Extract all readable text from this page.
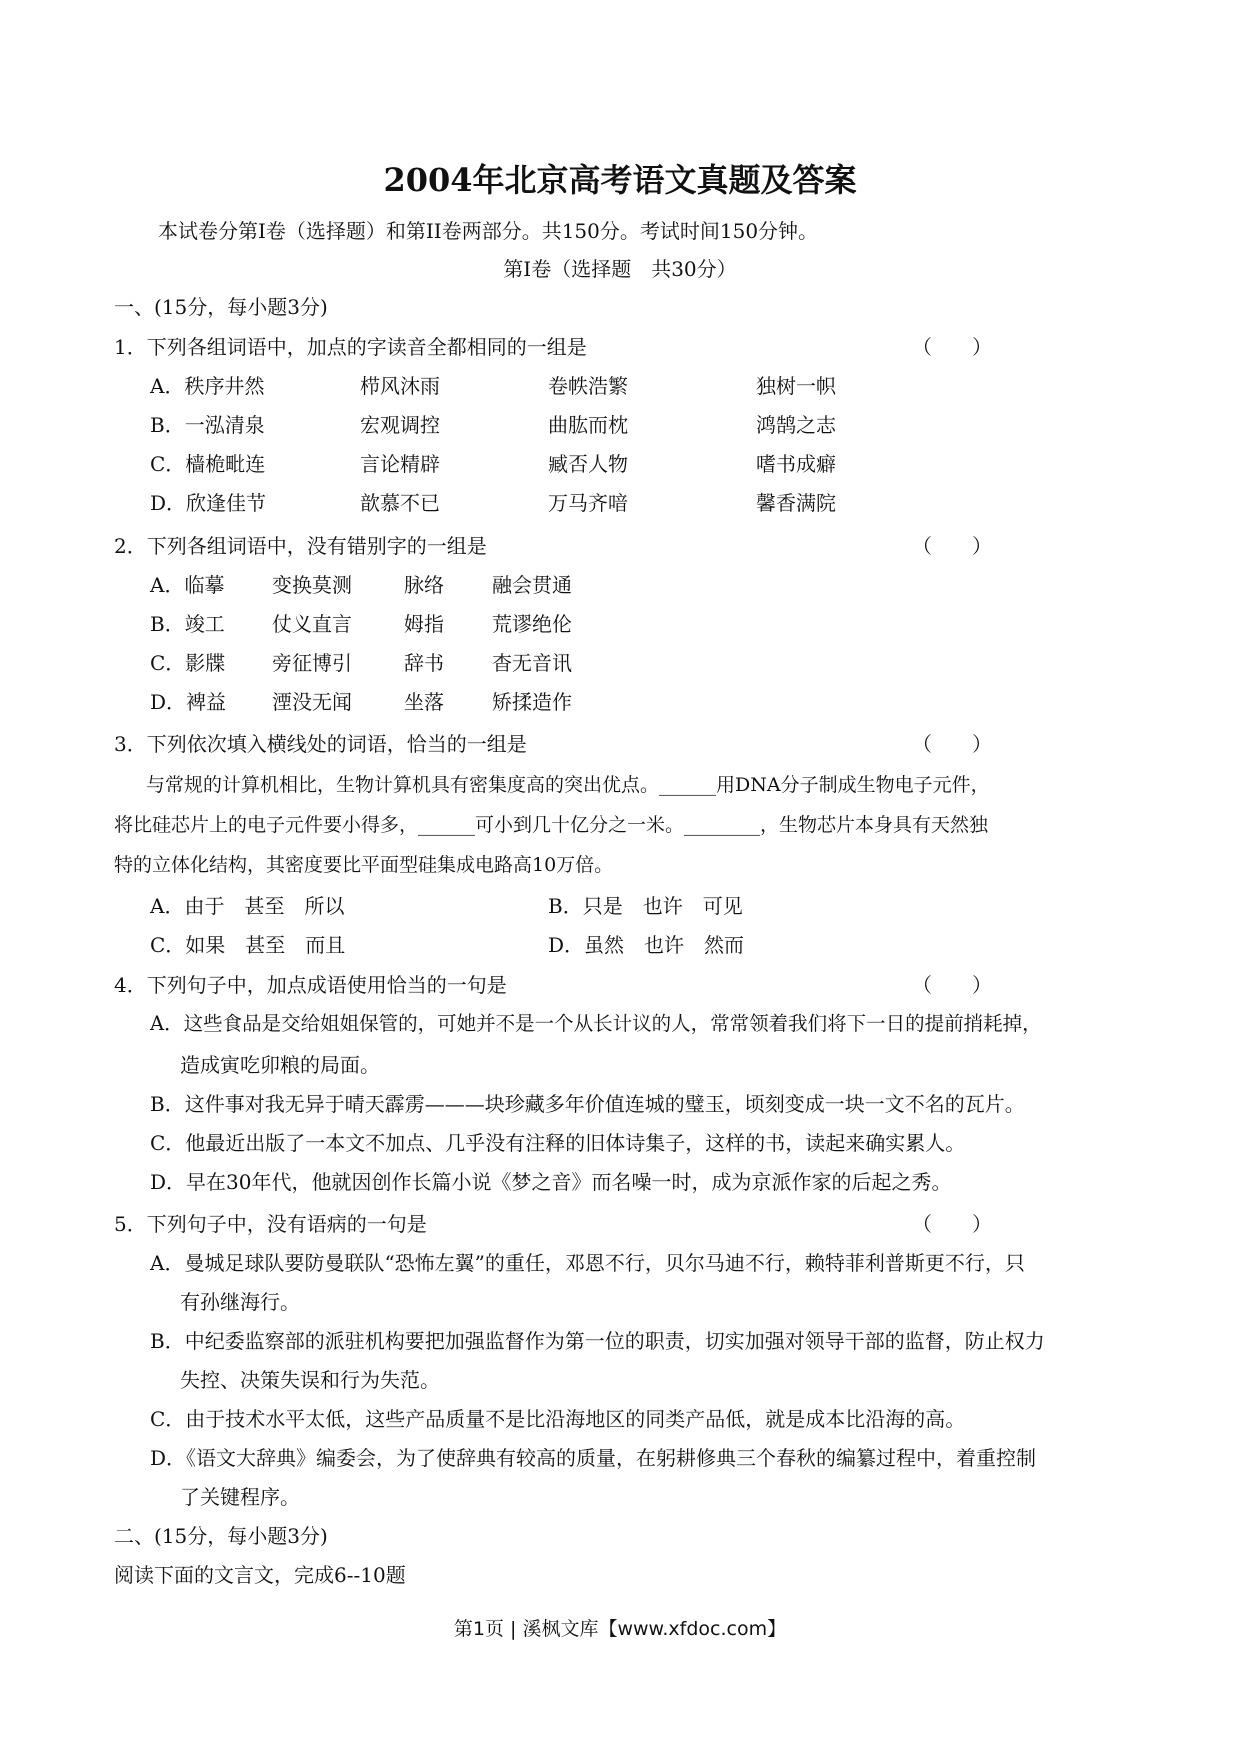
2004年北京高考语文真题及答案
本试卷分第I卷（选择题）和第II卷两部分。共150分。考试时间150分钟。
第I卷（选择题　共30分）
一、(15分，每小题3分)
1．下列各组词语中，加点的字读音全都相同的一组是	（　　）
A．秩序井然	栉风沐雨	卷帙浩繁	独树一帜
B．一泓清泉	宏观调控	曲肱而枕	鸿鹄之志
C．樯桅毗连	言论精辟	臧否人物	嗜书成癖
D．欣逢佳节	歆慕不已	万马齐喑	馨香满院
2．下列各组词语中，没有错别字的一组是	（　　）
A．临摹 变换莫测	脉络 融会贯通
B．竣工 仗义直言	姆指 荒谬绝伦
C．影牒 旁征博引	辞书 杳无音讯
D．裨益 湮没无闻	坐落 矫揉造作
3．下列依次填入横线处的词语，恰当的一组是	（　　）
与常规的计算机相比，生物计算机具有密集度高的突出优点。______用DNA分子制成生物电子元件，
将比硅芯片上的电子元件要小得多，______可小到几十亿分之一米。________，生物芯片本身具有天然独
特的立体化结构，其密度要比平面型硅集成电路高10万倍。
A．由于　甚至　所以	B．只是　也许　可见
C．如果　甚至　而且	D．虽然　也许　然而
4．下列句子中，加点成语使用恰当的一句是	（　　）
A．这些食品是交给姐姐保管的，可她并不是一个从长计议的人，常常领着我们将下一日的提前捎耗掉，
造成寅吃卯粮的局面。
B．这件事对我无异于晴天霹雳———块珍藏多年价值连城的璧玉，顷刻变成一块一文不名的瓦片。
C．他最近出版了一本文不加点、几乎没有注释的旧体诗集子，这样的书，读起来确实累人。
D．早在30年代，他就因创作长篇小说《梦之音》而名噪一时，成为京派作家的后起之秀。
5．下列句子中，没有语病的一句是	（　　）
A．曼城足球队要防曼联队“恐怖左翼”的重任，邓恩不行，贝尔马迪不行，赖特菲利普斯更不行，只
有孙继海行。
B．中纪委监察部的派驻机构要把加强监督作为第一位的职责，切实加强对领导干部的监督，防止权力
失控、决策失误和行为失范。
C．由于技术水平太低，这些产品质量不是比沿海地区的同类产品低，就是成本比沿海的高。
D．《语文大辞典》编委会，为了使辞典有较高的质量，在躬耕修典三个春秋的编纂过程中，着重控制
了关键程序。
二、(15分，每小题3分)
阅读下面的文言文，完成6--10题
第1页 | 溪枫文库【www.xfdoc.com】
